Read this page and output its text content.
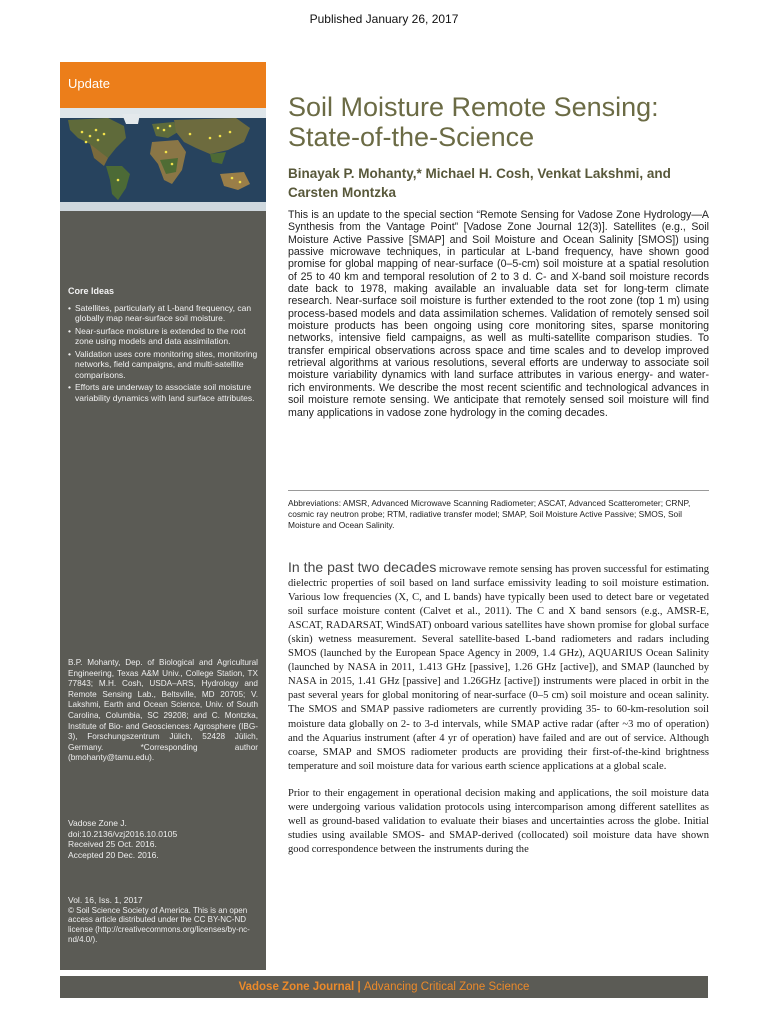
Published January 26, 2017
Update
Core Ideas
• Satellites, particularly at L-band frequency, can globally map near-surface soil moisture.
• Near-surface moisture is extended to the root zone using models and data assimilation.
• Validation uses core monitoring sites, monitoring networks, field campaigns, and multi-satellite comparisons.
• Efforts are underway to associate soil moisture variability dynamics with land surface attributes.
B.P. Mohanty, Dep. of Biological and Agricultural Engineering, Texas A&M Univ., College Station, TX 77843; M.H. Cosh, USDA–ARS, Hydrology and Remote Sensing Lab., Beltsville, MD 20705; V. Lakshmi, Earth and Ocean Science, Univ. of South Carolina, Columbia, SC 29208; and C. Montzka, Institute of Bio- and Geosciences: Agrosphere (IBG-3), Forschungszentrum Jülich, 52428 Jülich, Germany. *Corresponding author (bmohanty@tamu.edu).
Vadose Zone J.
doi:10.2136/vzj2016.10.0105
Received 25 Oct. 2016.
Accepted 20 Dec. 2016.
Vol. 16, Iss. 1, 2017
© Soil Science Society of America. This is an open access article distributed under the CC BY-NC-ND license (http://creativecommons.org/licenses/by-nc-nd/4.0/).
Soil Moisture Remote Sensing: State-of-the-Science
Binayak P. Mohanty,* Michael H. Cosh, Venkat Lakshmi, and Carsten Montzka
This is an update to the special section “Remote Sensing for Vadose Zone Hydrology—A Synthesis from the Vantage Point” [Vadose Zone Journal 12(3)]. Satellites (e.g., Soil Moisture Active Passive [SMAP] and Soil Moisture and Ocean Salinity [SMOS]) using passive microwave techniques, in particular at L-band frequency, have shown good promise for global mapping of near-surface (0–5-cm) soil moisture at a spatial resolution of 25 to 40 km and temporal resolution of 2 to 3 d. C- and X-band soil moisture records date back to 1978, making available an invaluable data set for long-term climate research. Near-surface soil moisture is further extended to the root zone (top 1 m) using process-based models and data assimilation schemes. Validation of remotely sensed soil moisture products has been ongoing using core monitoring sites, sparse monitoring networks, intensive field campaigns, as well as multi-satellite comparison studies. To transfer empirical observations across space and time scales and to develop improved retrieval algorithms at various resolutions, several efforts are underway to associate soil moisture variability dynamics with land surface attributes in various energy- and water-rich environments. We describe the most recent scientific and technological advances in soil moisture remote sensing. We anticipate that remotely sensed soil moisture will find many applications in vadose zone hydrology in the coming decades.
Abbreviations: AMSR, Advanced Microwave Scanning Radiometer; ASCAT, Advanced Scatterometer; CRNP, cosmic ray neutron probe; RTM, radiative transfer model; SMAP, Soil Moisture Active Passive; SMOS, Soil Moisture and Ocean Salinity.

In the past two decades microwave remote sensing has proven successful for estimating dielectric properties of soil based on land surface emissivity leading to soil moisture estimation. Various low frequencies (X, C, and L bands) have typically been used to detect bare or vegetated soil surface moisture content (Calvet et al., 2011). The C and X band sensors (e.g., AMSR-E, ASCAT, RADARSAT, WindSAT) onboard various satellites have shown promise for global surface (skin) wetness measurement. Several satellite-based L-band radiometers and radars including SMOS (launched by the European Space Agency in 2009, 1.4 GHz), AQUARIUS Ocean Salinity (launched by NASA in 2011, 1.413 GHz [passive], 1.26 GHz [active]), and SMAP (launched by NASA in 2015, 1.41 GHz [passive] and 1.26GHz [active]) instruments were placed in orbit in the past several years for global monitoring of near-surface (0–5 cm) soil moisture and ocean salinity. The SMOS and SMAP passive radiometers are currently providing 35- to 60-km-resolution soil moisture data globally on 2- to 3-d intervals, while SMAP active radar (after ~3 mo of operation) and the Aquarius instrument (after 4 yr of operation) have failed and are out of service. Although coarse, SMAP and SMOS radiometer products are providing their first-of-the-kind brightness temperature and soil moisture data for various earth science applications at a global scale.

Prior to their engagement in operational decision making and applications, the soil moisture data were undergoing various validation protocols using intercomparison among different satellites as well as ground-based validation to evaluate their biases and uncertainties across the globe. Initial studies using available SMOS- and SMAP-derived (collocated) soil moisture data have shown good correspondence between the instruments during the

Vadose Zone Journal | Advancing Critical Zone Science
